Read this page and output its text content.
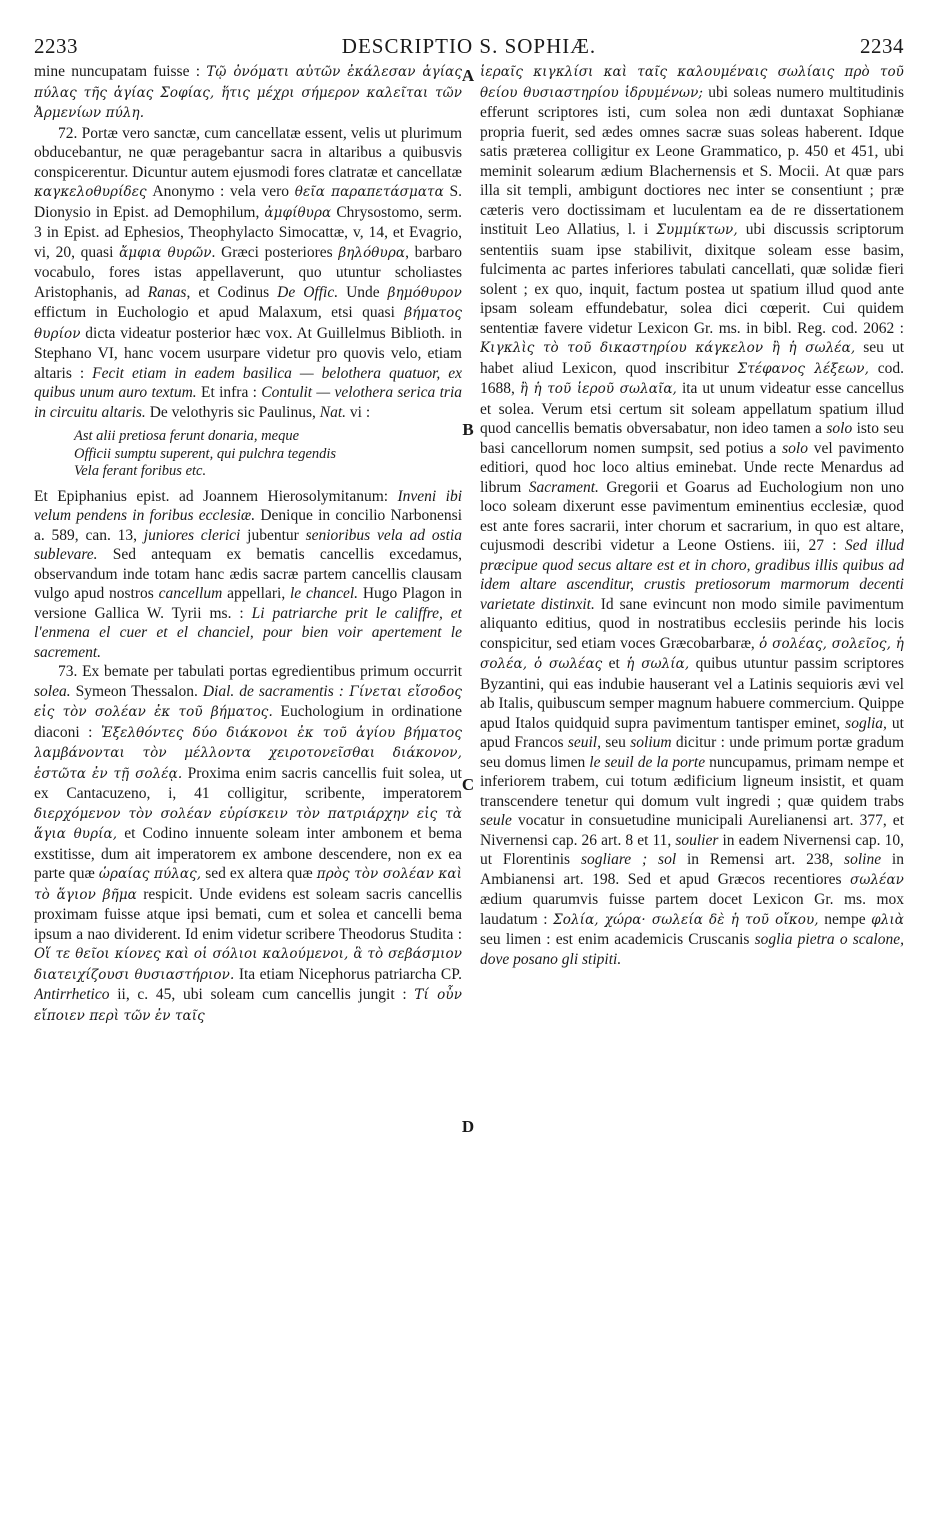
2233	DESCRIPTIO S. SOPHIÆ.	2234
A
B
C
D

mine nuncupatam fuisse : Τῷ ὀνόματι αὐτῶν ἐκάλεσαν ἁγίας πύλας τῆς ἁγίας Σοφίας, ἥτις μέχρι σήμερον καλεῖται τῶν Ἀρμενίων πύλη.

72. Portæ vero sanctæ, cum cancellatæ essent, velis ut plurimum obducebantur, ne quæ peragebantur sacra in altaribus a quibusvis conspicerentur. Dicuntur autem ejusmodi fores clatratæ et cancellatæ καγκελοθυρίδες Anonymo : vela vero θεῖα παραπετάσματα S. Dionysio in Epist. ad Demophilum, ἀμφίθυρα Chrysostomo, serm. 3 in Epist. ad Ephesios, Theophylacto Simocattæ, v, 14, et Evagrio, vi, 20, quasi ἄμφια θυρῶν. Græci posteriores βηλόθυρα, barbaro vocabulo, fores istas appellaverunt, quo utuntur scholiastes Aristophanis, ad Ranas, et Codinus De Offic. Unde βημόθυρον effictum in Euchologio et apud Malaxum, etsi quasi βήματος θυρίον dicta videatur posterior hæc vox. At Guillelmus Biblioth. in Stephano VI, hanc vocem usurpare videtur pro quovis velo, etiam altaris : Fecit etiam in eadem basilica — belothera quatuor, ex quibus unum auro textum. Et infra : Contulit — velothera serica tria in circuitu altaris. De velothyris sic Paulinus, Nat. vi :

Ast alii pretiosa ferunt donaria, meque
Officii sumptu superent, qui pulchra tegendis
Vela ferant foribus etc.

Et Epiphanius epist. ad Joannem Hierosolymitanum: Inveni ibi velum pendens in foribus ecclesiæ. Denique in concilio Narbonensi a. 589, can. 13, juniores clerici jubentur senioribus vela ad ostia sublevare. Sed antequam ex bematis cancellis excedamus, observandum inde totam hanc ædis sacræ partem cancellis clausam vulgo apud nostros cancellum appellari, le chancel. Hugo Plagon in versione Gallica W. Tyrii ms. : Li patriarche prit le califfre, et l'enmena el cuer et el chanciel, pour bien voir apertement le sacrement.

73. Ex bemate per tabulati portas egredientibus primum occurrit solea. Symeon Thessalon. Dial. de sacramentis : Γίνεται εἴσοδος εἰς τὸν σολέαν ἐκ τοῦ βήματος. Euchologium in ordinatione diaconi : Ἐξελθόντες δύο διάκονοι ἐκ τοῦ ἁγίου βήματος λαμβάνονται τὸν μέλλοντα χειροτονεῖσθαι διάκονον, ἑστῶτα ἐν τῇ σολέᾳ. Proxima enim sacris cancellis fuit solea, ut ex Cantacuzeno, i, 41 colligitur, scribente, imperatorem διερχόμενον τὸν σολέαν εὑρίσκειν τὸν πατριάρχην εἰς τὰ ἅγια θυρία, et Codino innuente soleam inter ambonem et bema exstitisse, dum ait imperatorem ex ambone descendere, non ex ea parte quæ ὡραίας πύλας, sed ex altera quæ πρὸς τὸν σολέαν καὶ τὸ ἅγιον βῆμα respicit. Unde evidens est soleam sacris cancellis proximam fuisse atque ipsi bemati, cum et solea et cancelli bema ipsum a nao dividerent. Id enim videtur scribere Theodorus Studita : Οἵ τε θεῖοι κίονες καὶ οἱ σόλιοι καλούμενοι, ἃ τὸ σεβάσμιον διατειχίζουσι θυσιαστήριον. Ita etiam Nicephorus patriarcha CP. Antirrhetico ii, c. 45, ubi soleam cum cancellis jungit : Τί οὖν εἴποιεν περὶ τῶν ἐν ταῖς

ἱεραῖς κιγκλίσι καὶ ταῖς καλουμέναις σωλίαις πρὸ τοῦ θείου θυσιαστηρίου ἱδρυμένων; ubi soleas numero multitudinis efferunt scriptores isti, cum solea non ædi duntaxat Sophianæ propria fuerit, sed ædes omnes sacræ suas soleas haberent. Idque satis præterea colligitur ex Leone Grammatico, p. 450 et 451, ubi meminit solearum ædium Blachernensis et S. Mocii. At quæ pars illa sit templi, ambigunt doctiores nec inter se consentiunt ; præ cæteris vero doctissimam et luculentam ea de re dissertationem instituit Leo Allatius, l. i Συμμίκτων, ubi discussis scriptorum sententiis suam ipse stabilivit, dixitque soleam esse basim, fulcimenta ac partes inferiores tabulati cancellati, quæ solidæ fieri solent ; ex quo, inquit, factum postea ut spatium illud quod ante ipsam soleam effundebatur, solea dici cœperit. Cui quidem sententiæ favere videtur Lexicon Gr. ms. in bibl. Reg. cod. 2062 : Κιγκλὶς τὸ τοῦ δικαστηρίου κάγκελον ἢ ἡ σωλέα, seu ut habet aliud Lexicon, quod inscribitur Στέφανος λέξεων, cod. 1688, ἢ ἡ τοῦ ἱεροῦ σωλαῖα, ita ut unum videatur esse cancellus et solea. Verum etsi certum sit soleam appellatum spatium illud quod cancellis bematis obversabatur, non ideo tamen a solo isto seu basi cancellorum nomen sumpsit, sed potius a solo vel pavimento editiori, quod hoc loco altius eminebat. Unde recte Menardus ad librum Sacrament. Gregorii et Goarus ad Euchologium non uno loco soleam dixerunt esse pavimentum eminentius ecclesiæ, quod est ante fores sacrarii, inter chorum et sacrarium, in quo est altare, cujusmodi describi videtur a Leone Ostiens. iii, 27 : Sed illud præcipue quod secus altare est et in choro, gradibus illis quibus ad idem altare ascenditur, crustis pretiosorum marmorum decenti varietate distinxit. Id sane evincunt non modo simile pavimentum aliquanto editius, quod in nostratibus ecclesiis perinde his locis conspicitur, sed etiam voces Græcobarbaræ, ὁ σολέας, σολεῖος, ἡ σολέα, ὁ σωλέας et ἡ σωλία, quibus utuntur passim scriptores Byzantini, qui eas indubie hauserant vel a Latinis sequioris ævi vel ab Italis, quibuscum semper magnum habuere commercium. Quippe apud Italos quidquid supra pavimentum tantisper eminet, soglia, ut apud Francos seuil, seu solium dicitur : unde primum portæ gradum seu domus limen le seuil de la porte nuncupamus, primam nempe et inferiorem trabem, cui totum ædificium ligneum insistit, et quam transcendere tenetur qui domum vult ingredi ; quæ quidem trabs seule vocatur in consuetudine municipali Aurelianensi art. 377, et Nivernensi cap. 26 art. 8 et 11, soulier in eadem Nivernensi cap. 10, ut Florentinis sogliare ; sol in Remensi art. 238, soline in Ambianensi art. 198. Sed et apud Græcos recentiores σωλέαν ædium quarumvis fuisse partem docet Lexicon Gr. ms. mox laudatum : Σολία, χώρα· σωλεία δὲ ἡ τοῦ οἴκου, nempe φλιὰ seu limen : est enim academicis Cruscanis soglia pietra o scalone, dove posano gli stipiti.
